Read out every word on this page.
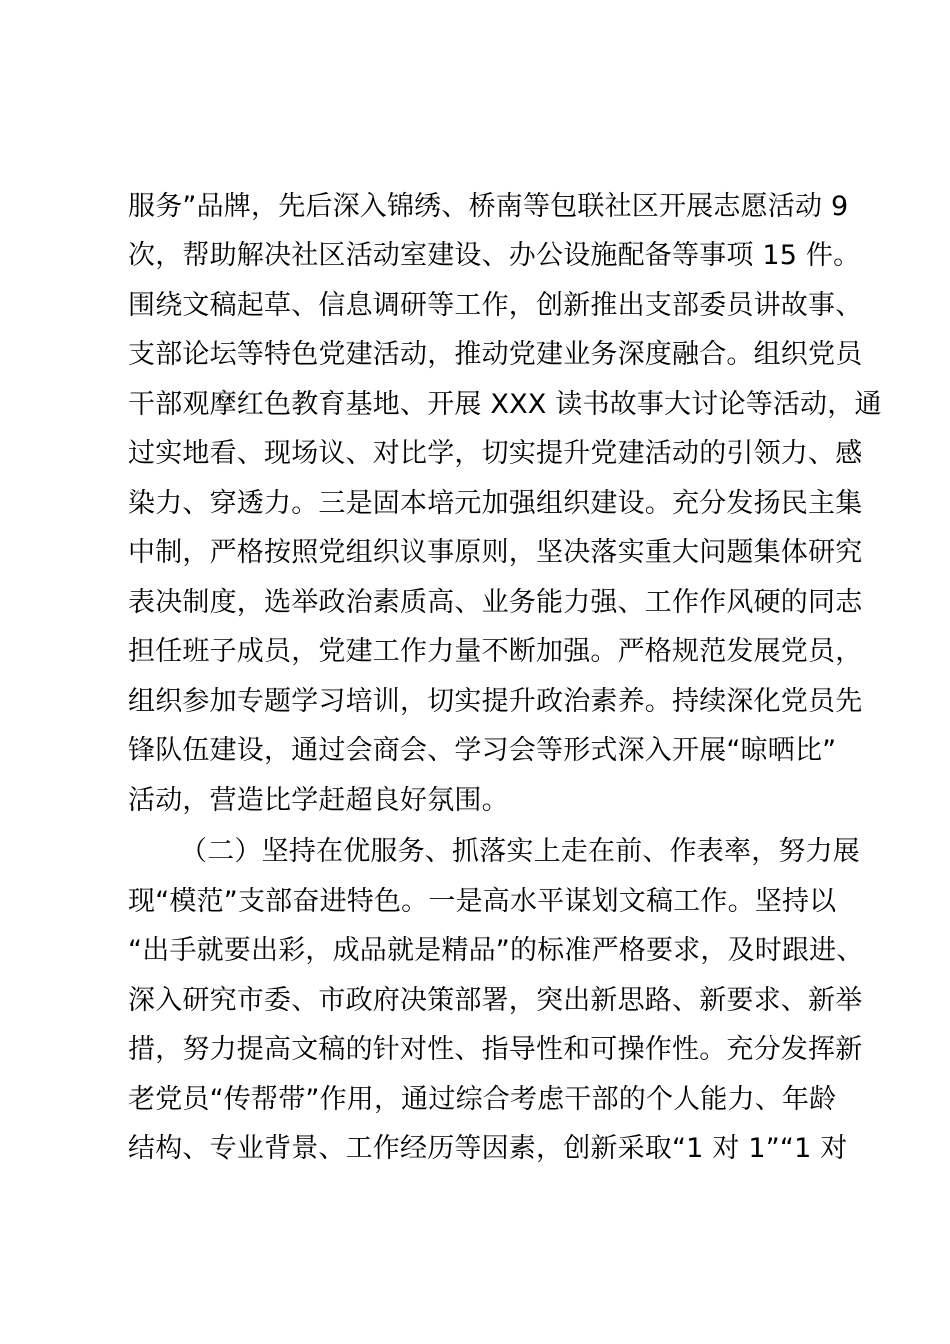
服务”品牌，先后深入锦绣、桥南等包联社区开展志愿活动 9
次，帮助解决社区活动室建设、办公设施配备等事项 15 件。
围绕文稿起草、信息调研等工作，创新推出支部委员讲故事、
支部论坛等特色党建活动，推动党建业务深度融合。组织党员
干部观摩红色教育基地、开展 XXX 读书故事大讨论等活动，通
过实地看、现场议、对比学，切实提升党建活动的引领力、感
染力、穿透力。三是固本培元加强组织建设。充分发扬民主集
中制，严格按照党组织议事原则，坚决落实重大问题集体研究
表决制度，选举政治素质高、业务能力强、工作作风硬的同志
担任班子成员，党建工作力量不断加强。严格规范发展党员，
组织参加专题学习培训，切实提升政治素养。持续深化党员先
锋队伍建设，通过会商会、学习会等形式深入开展“晾晒比”
活动，营造比学赶超良好氛围。
（二）坚持在优服务、抓落实上走在前、作表率，努力展
现“模范”支部奋进特色。一是高水平谋划文稿工作。坚持以
“出手就要出彩，成品就是精品”的标准严格要求，及时跟进、
深入研究市委、市政府决策部署，突出新思路、新要求、新举
措，努力提高文稿的针对性、指导性和可操作性。充分发挥新
老党员“传帮带”作用，通过综合考虑干部的个人能力、年龄
结构、专业背景、工作经历等因素，创新采取“1 对 1”“1 对
